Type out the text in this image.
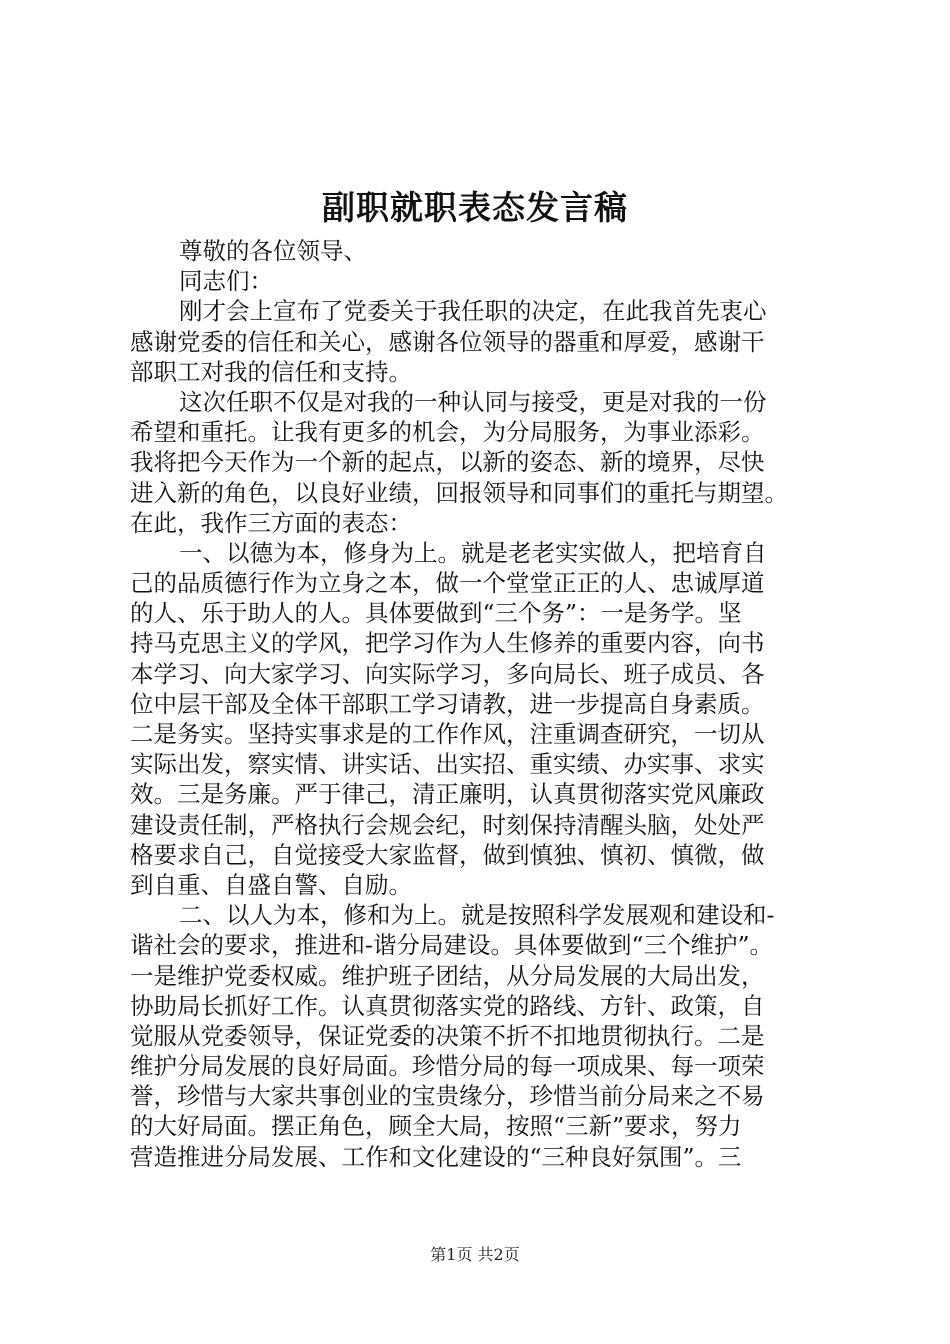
副职就职表态发言稿
尊敬的各位领导、
同志们：
刚才会上宣布了党委关于我任职的决定，在此我首先衷心
感谢党委的信任和关心，感谢各位领导的器重和厚爱，感谢干
部职工对我的信任和支持。
这次任职不仅是对我的一种认同与接受，更是对我的一份
希望和重托。让我有更多的机会，为分局服务，为事业添彩。
我将把今天作为一个新的起点，以新的姿态、新的境界，尽快
进入新的角色，以良好业绩，回报领导和同事们的重托与期望。
在此，我作三方面的表态：
一、以德为本，修身为上。就是老老实实做人，把培育自
己的品质德行作为立身之本，做一个堂堂正正的人、忠诚厚道
的人、乐于助人的人。具体要做到“三个务”：一是务学。坚
持马克思主义的学风，把学习作为人生修养的重要内容，向书
本学习、向大家学习、向实际学习，多向局长、班子成员、各
位中层干部及全体干部职工学习请教，进一步提高自身素质。
二是务实。坚持实事求是的工作作风，注重调查研究，一切从
实际出发，察实情、讲实话、出实招、重实绩、办实事、求实
效。三是务廉。严于律己，清正廉明，认真贯彻落实党风廉政
建设责任制，严格执行会规会纪，时刻保持清醒头脑，处处严
格要求自己，自觉接受大家监督，做到慎独、慎初、慎微，做
到自重、自盛自警、自励。
二、以人为本，修和为上。就是按照科学发展观和建设和-
谐社会的要求，推进和-谐分局建设。具体要做到“三个维护”。
一是维护党委权威。维护班子团结，从分局发展的大局出发，
协助局长抓好工作。认真贯彻落实党的路线、方针、政策，自
觉服从党委领导，保证党委的决策不折不扣地贯彻执行。二是
维护分局发展的良好局面。珍惜分局的每一项成果、每一项荣
誉，珍惜与大家共事创业的宝贵缘分，珍惜当前分局来之不易
的大好局面。摆正角色，顾全大局，按照“三新”要求，努力
营造推进分局发展、工作和文化建设的“三种良好氛围”。三
第1页 共2页
